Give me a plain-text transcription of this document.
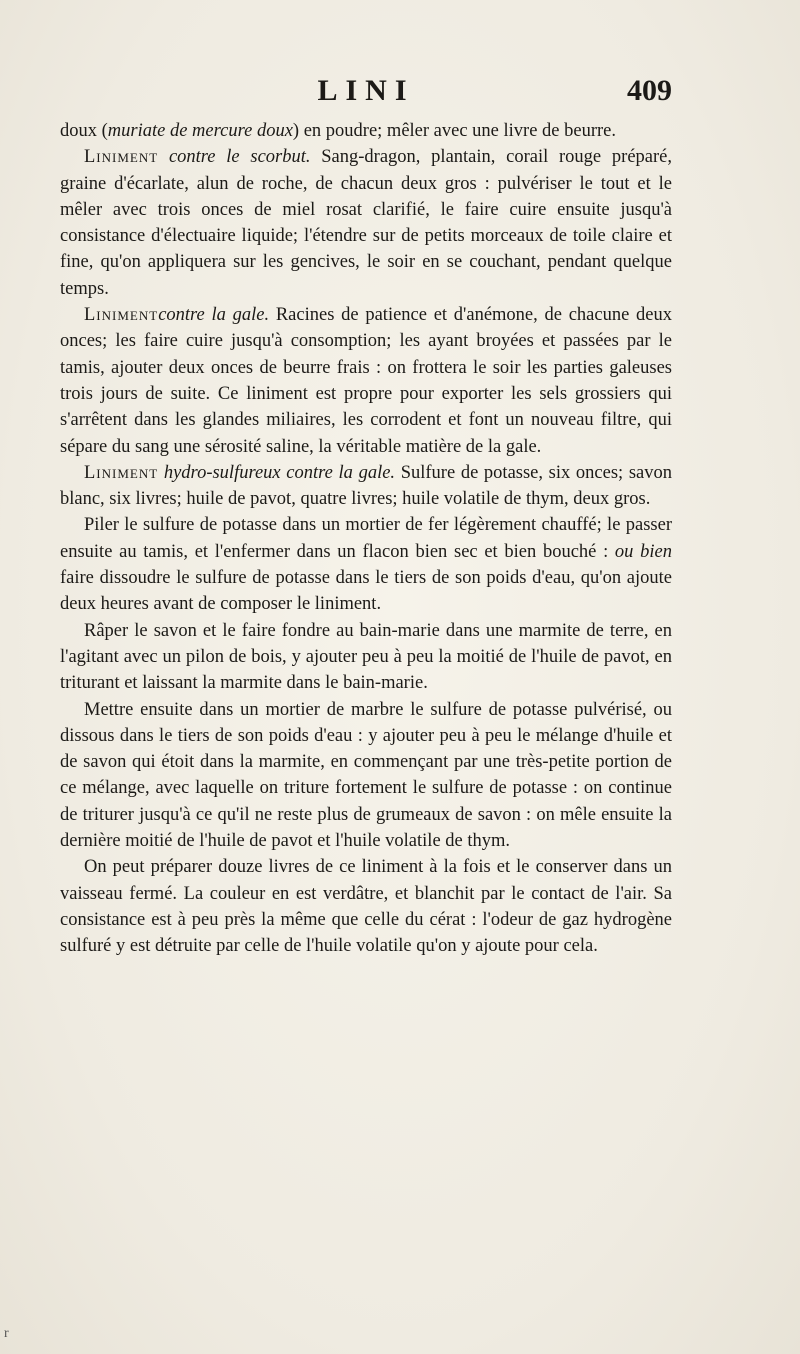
LINI	409

doux (muriate de mercure doux) en poudre; mêler avec une livre de beurre.

Liniment contre le scorbut. Sang-dragon, plantain, corail rouge préparé, graine d'écarlate, alun de roche, de chacun deux gros : pulvériser le tout et le mêler avec trois onces de miel rosat clarifié, le faire cuire ensuite jusqu'à consistance d'électuaire liquide; l'étendre sur de petits morceaux de toile claire et fine, qu'on appliquera sur les gencives, le soir en se couchant, pendant quelque temps.

Linimentcontre la gale. Racines de patience et d'anémone, de chacune deux onces; les faire cuire jusqu'à consomption; les ayant broyées et passées par le tamis, ajouter deux onces de beurre frais : on frottera le soir les parties galeuses trois jours de suite. Ce liniment est propre pour exporter les sels grossiers qui s'arrêtent dans les glandes miliaires, les corrodent et font un nouveau filtre, qui sépare du sang une sérosité saline, la véritable matière de la gale.

Liniment hydro-sulfureux contre la gale. Sulfure de potasse, six onces; savon blanc, six livres; huile de pavot, quatre livres; huile volatile de thym, deux gros.

Piler le sulfure de potasse dans un mortier de fer légèrement chauffé; le passer ensuite au tamis, et l'enfermer dans un flacon bien sec et bien bouché : ou bien faire dissoudre le sulfure de potasse dans le tiers de son poids d'eau, qu'on ajoute deux heures avant de composer le liniment.

Râper le savon et le faire fondre au bain-marie dans une marmite de terre, en l'agitant avec un pilon de bois, y ajouter peu à peu la moitié de l'huile de pavot, en triturant et laissant la marmite dans le bain-marie.

Mettre ensuite dans un mortier de marbre le sulfure de potasse pulvérisé, ou dissous dans le tiers de son poids d'eau : y ajouter peu à peu le mélange d'huile et de savon qui étoit dans la marmite, en commençant par une très-petite portion de ce mélange, avec laquelle on triture fortement le sulfure de potasse : on continue de triturer jusqu'à ce qu'il ne reste plus de grumeaux de savon : on mêle ensuite la dernière moitié de l'huile de pavot et l'huile volatile de thym.

On peut préparer douze livres de ce liniment à la fois et le conserver dans un vaisseau fermé. La couleur en est verdâtre, et blanchit par le contact de l'air. Sa consistance est à peu près la même que celle du cérat : l'odeur de gaz hydrogène sulfuré y est détruite par celle de l'huile volatile qu'on y ajoute pour cela.

r
